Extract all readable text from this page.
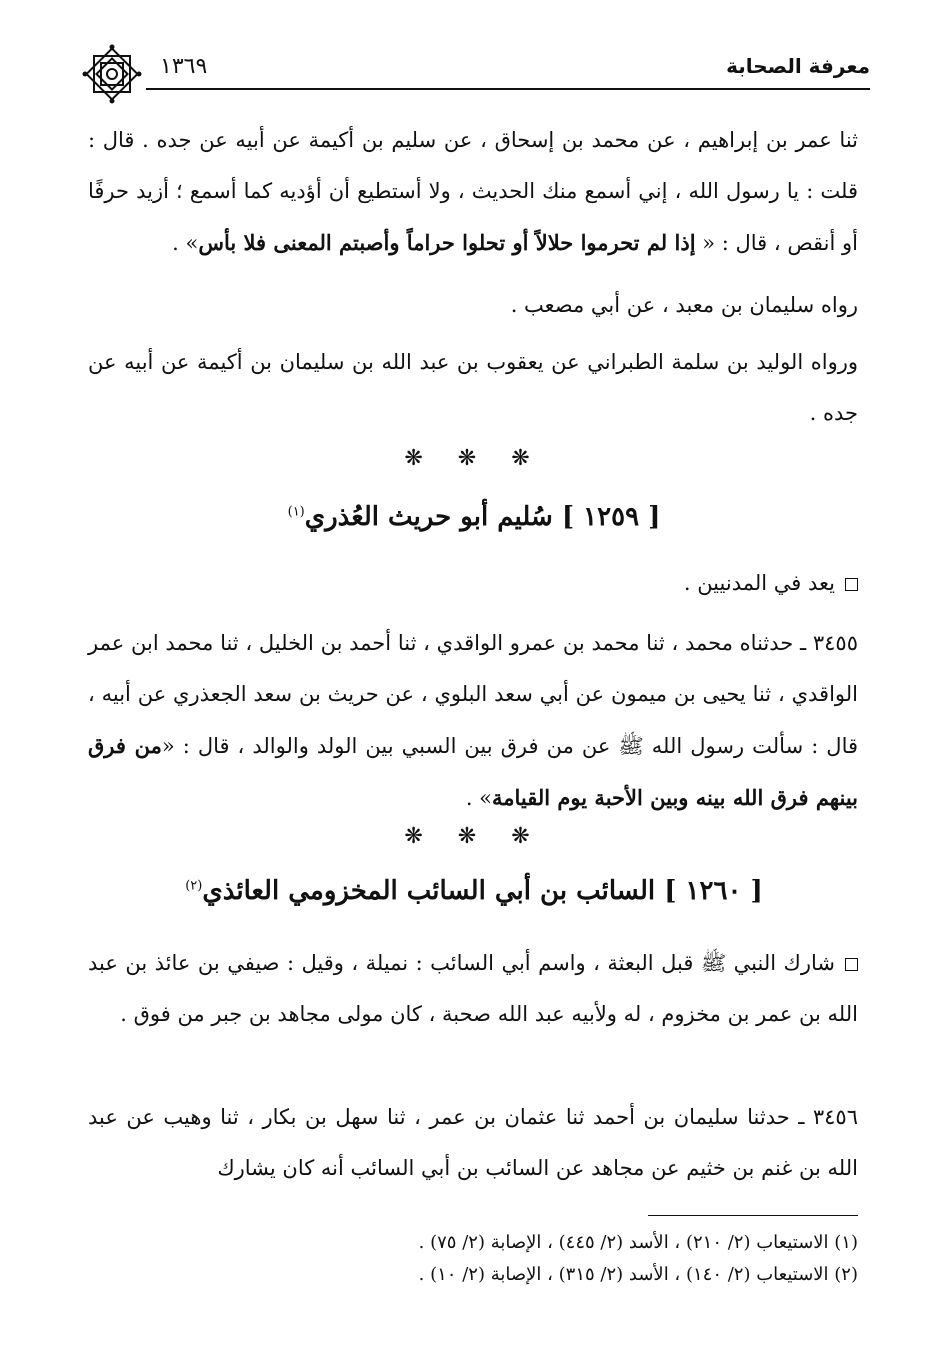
معرفة الصحابة
١٣٦٩

ثنا عمر بن إبراهيم ، عن محمد بن إسحاق ، عن سليم بن أكيمة عن أبيه عن جده . قال : قلت : يا رسول الله ، إني أسمع منك الحديث ، ولا أستطيع أن أؤديه كما أسمع ؛ أزيد حرفًا أو أنقص ، قال : « إذا لم تحرموا حلالاً أو تحلوا حراماً وأصبتم المعنى فلا بأس» .

رواه سليمان بن معبد ، عن أبي مصعب .

ورواه الوليد بن سلمة الطبراني عن يعقوب بن عبد الله بن سليمان بن أكيمة عن أبيه عن جده .

❋ ❋ ❋
[ ١٢٥٩ ] سُليم أبو حريث العُذري$^{(١)}$

يعد في المدنيين .

٣٤٥٥ ـ حدثناه محمد ، ثنا محمد بن عمرو الواقدي ، ثنا أحمد بن الخليل ، ثنا محمد ابن عمر الواقدي ، ثنا يحيى بن ميمون عن أبي سعد البلوي ، عن حريث بن سعد الجعذري عن أبيه ، قال : سألت رسول الله ﷺ عن من فرق بين السبي بين الولد والوالد ، قال : «من فرق بينهم فرق الله بينه وبين الأحبة يوم القيامة» .

❋ ❋ ❋
[ ١٢٦٠ ] السائب بن أبي السائب المخزومي العائذي$^{(٢)}$

شارك النبي ﷺ قبل البعثة ، واسم أبي السائب : نميلة ، وقيل : صيفي بن عائذ بن عبد الله بن عمر بن مخزوم ، له ولأبيه عبد الله صحبة ، كان مولى مجاهد بن جبر من فوق .

٣٤٥٦ ـ حدثنا سليمان بن أحمد ثنا عثمان بن عمر ، ثنا سهل بن بكار ، ثنا وهيب عن عبد الله بن غنم بن خثيم عن مجاهد عن السائب بن أبي السائب أنه كان يشارك

(١) الاستيعاب (٢/ ٢١٠) ، الأسد (٢/ ٤٤٥) ، الإصابة (٢/ ٧٥) .
(٢) الاستيعاب (٢/ ١٤٠) ، الأسد (٢/ ٣١٥) ، الإصابة (٢/ ١٠) .
